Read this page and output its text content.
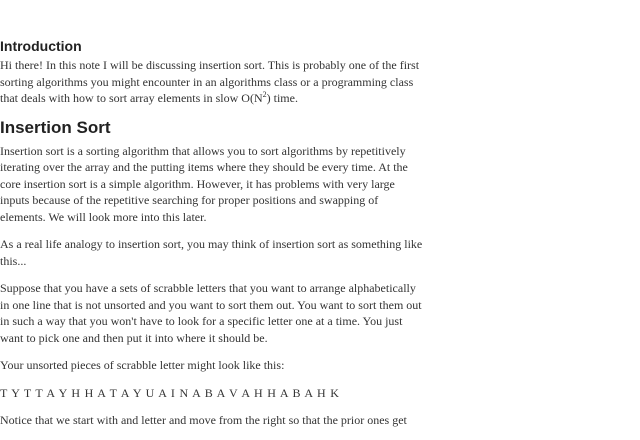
Introduction

Hi there! In this note I will be discussing insertion sort. This is probably one of the first sorting algorithms you might encounter in an algorithms class or a programming class that deals with how to sort array elements in slow $O(N^2)$ time.

Insertion Sort

Insertion sort is a sorting algorithm that allows you to sort algorithms by repetitively iterating over the array and the putting items where they should be every time. At the core insertion sort is a simple algorithm. However, it has problems with very large inputs because of the repetitive searching for proper positions and swapping of elements. We will look more into this later.

As a real life analogy to insertion sort, you may think of insertion sort as something like this...

Suppose that you have a sets of scrabble letters that you want to arrange alphabetically in one line that is not unsorted and you want to sort them out. You want to sort them out in such a way that you won't have to look for a specific letter one at a time. You just want to pick one and then put it into where it should be.

Your unsorted pieces of scrabble letter might look like this:

T Y T T A Y H H A T A Y U A I N A B A V A H H A B A H K

Notice that we start with and letter and move from the right so that the prior ones get
